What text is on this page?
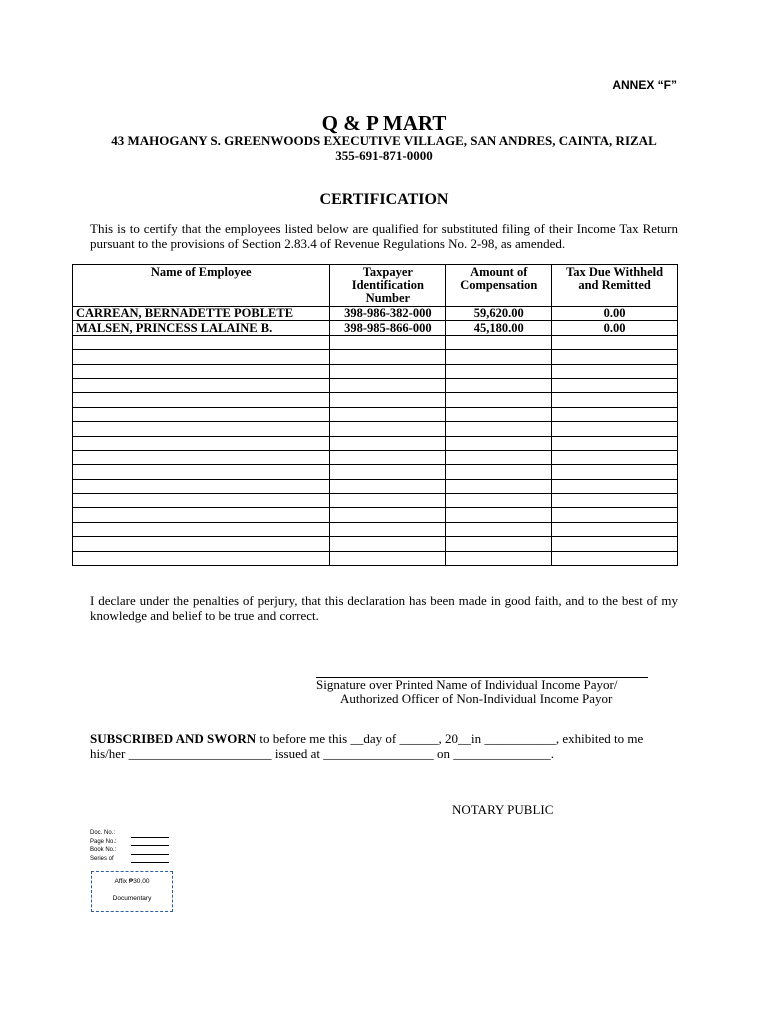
ANNEX “F”
Q & P MART
43 MAHOGANY S. GREENWOODS EXECUTIVE VILLAGE, SAN ANDRES, CAINTA, RIZAL
355-691-871-0000
CERTIFICATION
This is to certify that the employees listed below are qualified for substituted filing of their Income Tax Return pursuant to the provisions of Section 2.83.4 of Revenue Regulations No. 2-98, as amended.
Name of Employee	Taxpayer Identification Number	Amount of Compensation	Tax Due Withheld and Remitted
CARREAN, BERNADETTE POBLETE	398-986-382-000	59,620.00	0.00
MALSEN, PRINCESS LALAINE B.	398-985-866-000	45,180.00	0.00

I declare under the penalties of perjury, that this declaration has been made in good faith, and to the best of my knowledge and belief to be true and correct.
Signature over Printed Name of Individual Income Payor/
Authorized Officer of Non-Individual Income Payor
SUBSCRIBED AND SWORN to before me this __day of ______, 20__in ___________, exhibited to me his/her ______________________ issued at _________________ on _______________.
NOTARY PUBLIC
Doc. No.:
Page No.:
Book No.:
Series of
Affix ₱30.00
Documentary
